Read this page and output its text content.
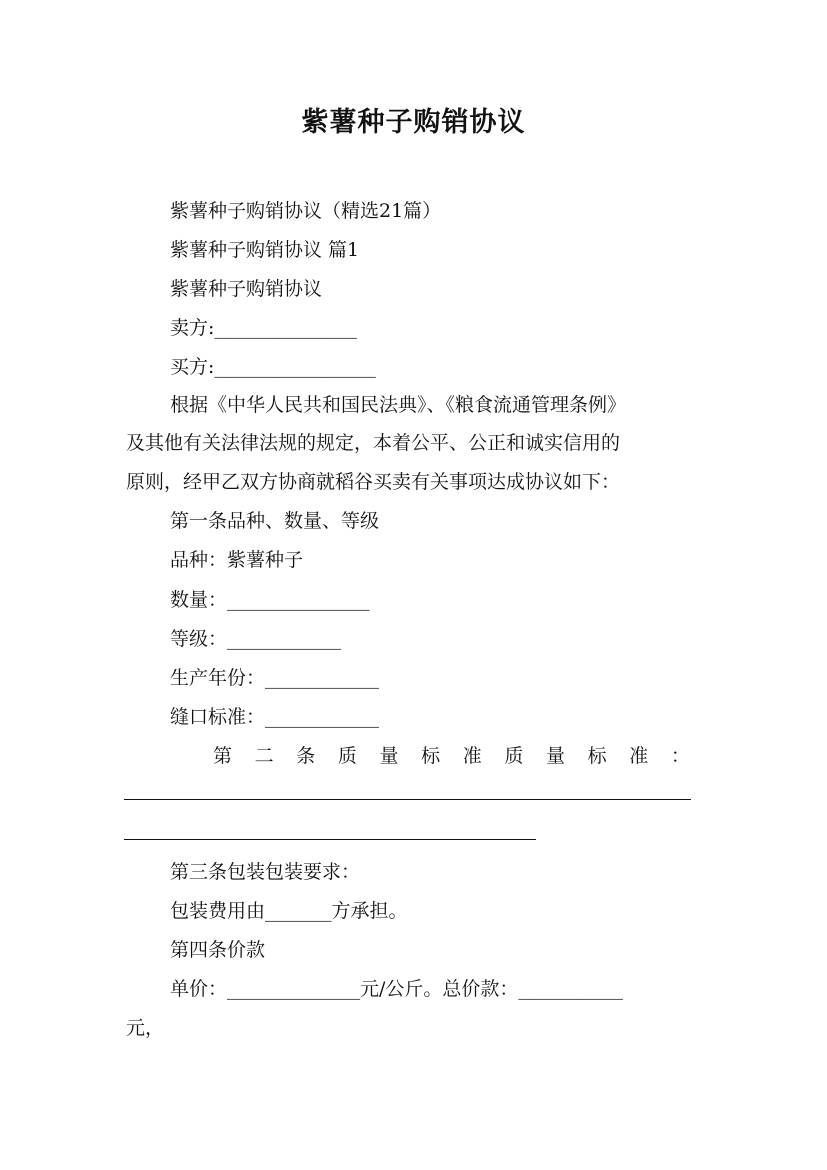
紫薯种子购销协议
紫薯种子购销协议（精选21篇）
紫薯种子购销协议 篇1
紫薯种子购销协议
卖方:_______________
买方:_________________
根据《中华人民共和国民法典》、《粮食流通管理条例》
及其他有关法律法规的规定，本着公平、公正和诚实信用的
原则，经甲乙双方协商就稻谷买卖有关事项达成协议如下：
第一条品种、数量、等级
品种：紫薯种子
数量：_______________
等级：____________
生产年份：____________
缝口标准：____________
第 二 条 质 量 标 准 质 量 标 准 ：
第三条包装包装要求：
包装费用由_______方承担。
第四条价款
单价：______________元/公斤。总价款：___________
元，
